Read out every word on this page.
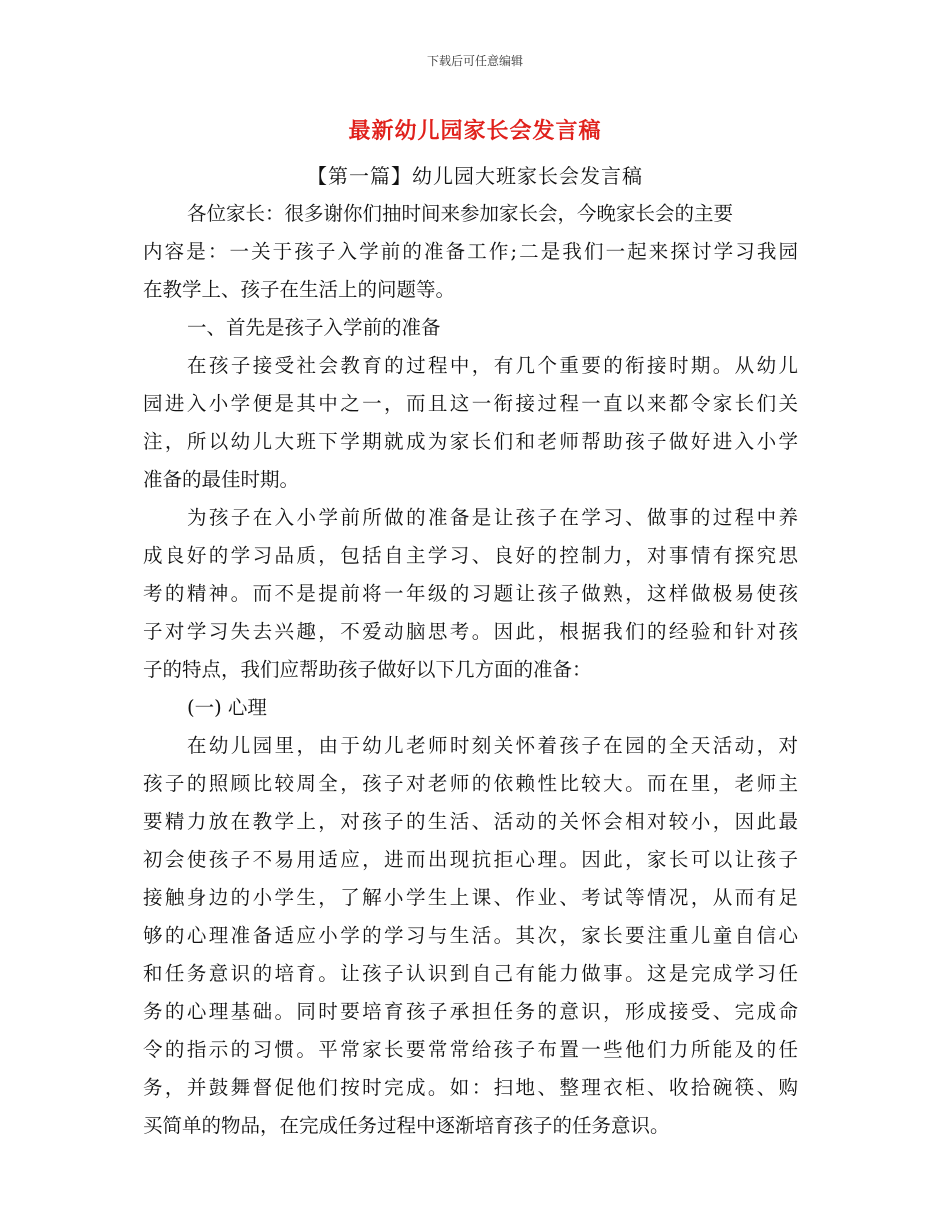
下载后可任意编辑
最新幼儿园家长会发言稿
【第一篇】幼儿园大班家长会发言稿
各位家长：很多谢你们抽时间来参加家长会，今晚家长会的主要
内容是：一关于孩子入学前的准备工作;二是我们一起来探讨学习我园
在教学上、孩子在生活上的问题等。
一、首先是孩子入学前的准备
在孩子接受社会教育的过程中，有几个重要的衔接时期。从幼儿
园进入小学便是其中之一，而且这一衔接过程一直以来都令家长们关
注，所以幼儿大班下学期就成为家长们和老师帮助孩子做好进入小学
准备的最佳时期。
为孩子在入小学前所做的准备是让孩子在学习、做事的过程中养
成良好的学习品质，包括自主学习、良好的控制力，对事情有探究思
考的精神。而不是提前将一年级的习题让孩子做熟，这样做极易使孩
子对学习失去兴趣，不爱动脑思考。因此，根据我们的经验和针对孩
子的特点，我们应帮助孩子做好以下几方面的准备：
(一) 心理
在幼儿园里，由于幼儿老师时刻关怀着孩子在园的全天活动，对
孩子的照顾比较周全，孩子对老师的依赖性比较大。而在里，老师主
要精力放在教学上，对孩子的生活、活动的关怀会相对较小，因此最
初会使孩子不易用适应，进而出现抗拒心理。因此，家长可以让孩子
接触身边的小学生，了解小学生上课、作业、考试等情况，从而有足
够的心理准备适应小学的学习与生活。其次，家长要注重儿童自信心
和任务意识的培育。让孩子认识到自己有能力做事。这是完成学习任
务的心理基础。同时要培育孩子承担任务的意识，形成接受、完成命
令的指示的习惯。平常家长要常常给孩子布置一些他们力所能及的任
务，并鼓舞督促他们按时完成。如：扫地、整理衣柜、收拾碗筷、购
买简单的物品，在完成任务过程中逐渐培育孩子的任务意识。
